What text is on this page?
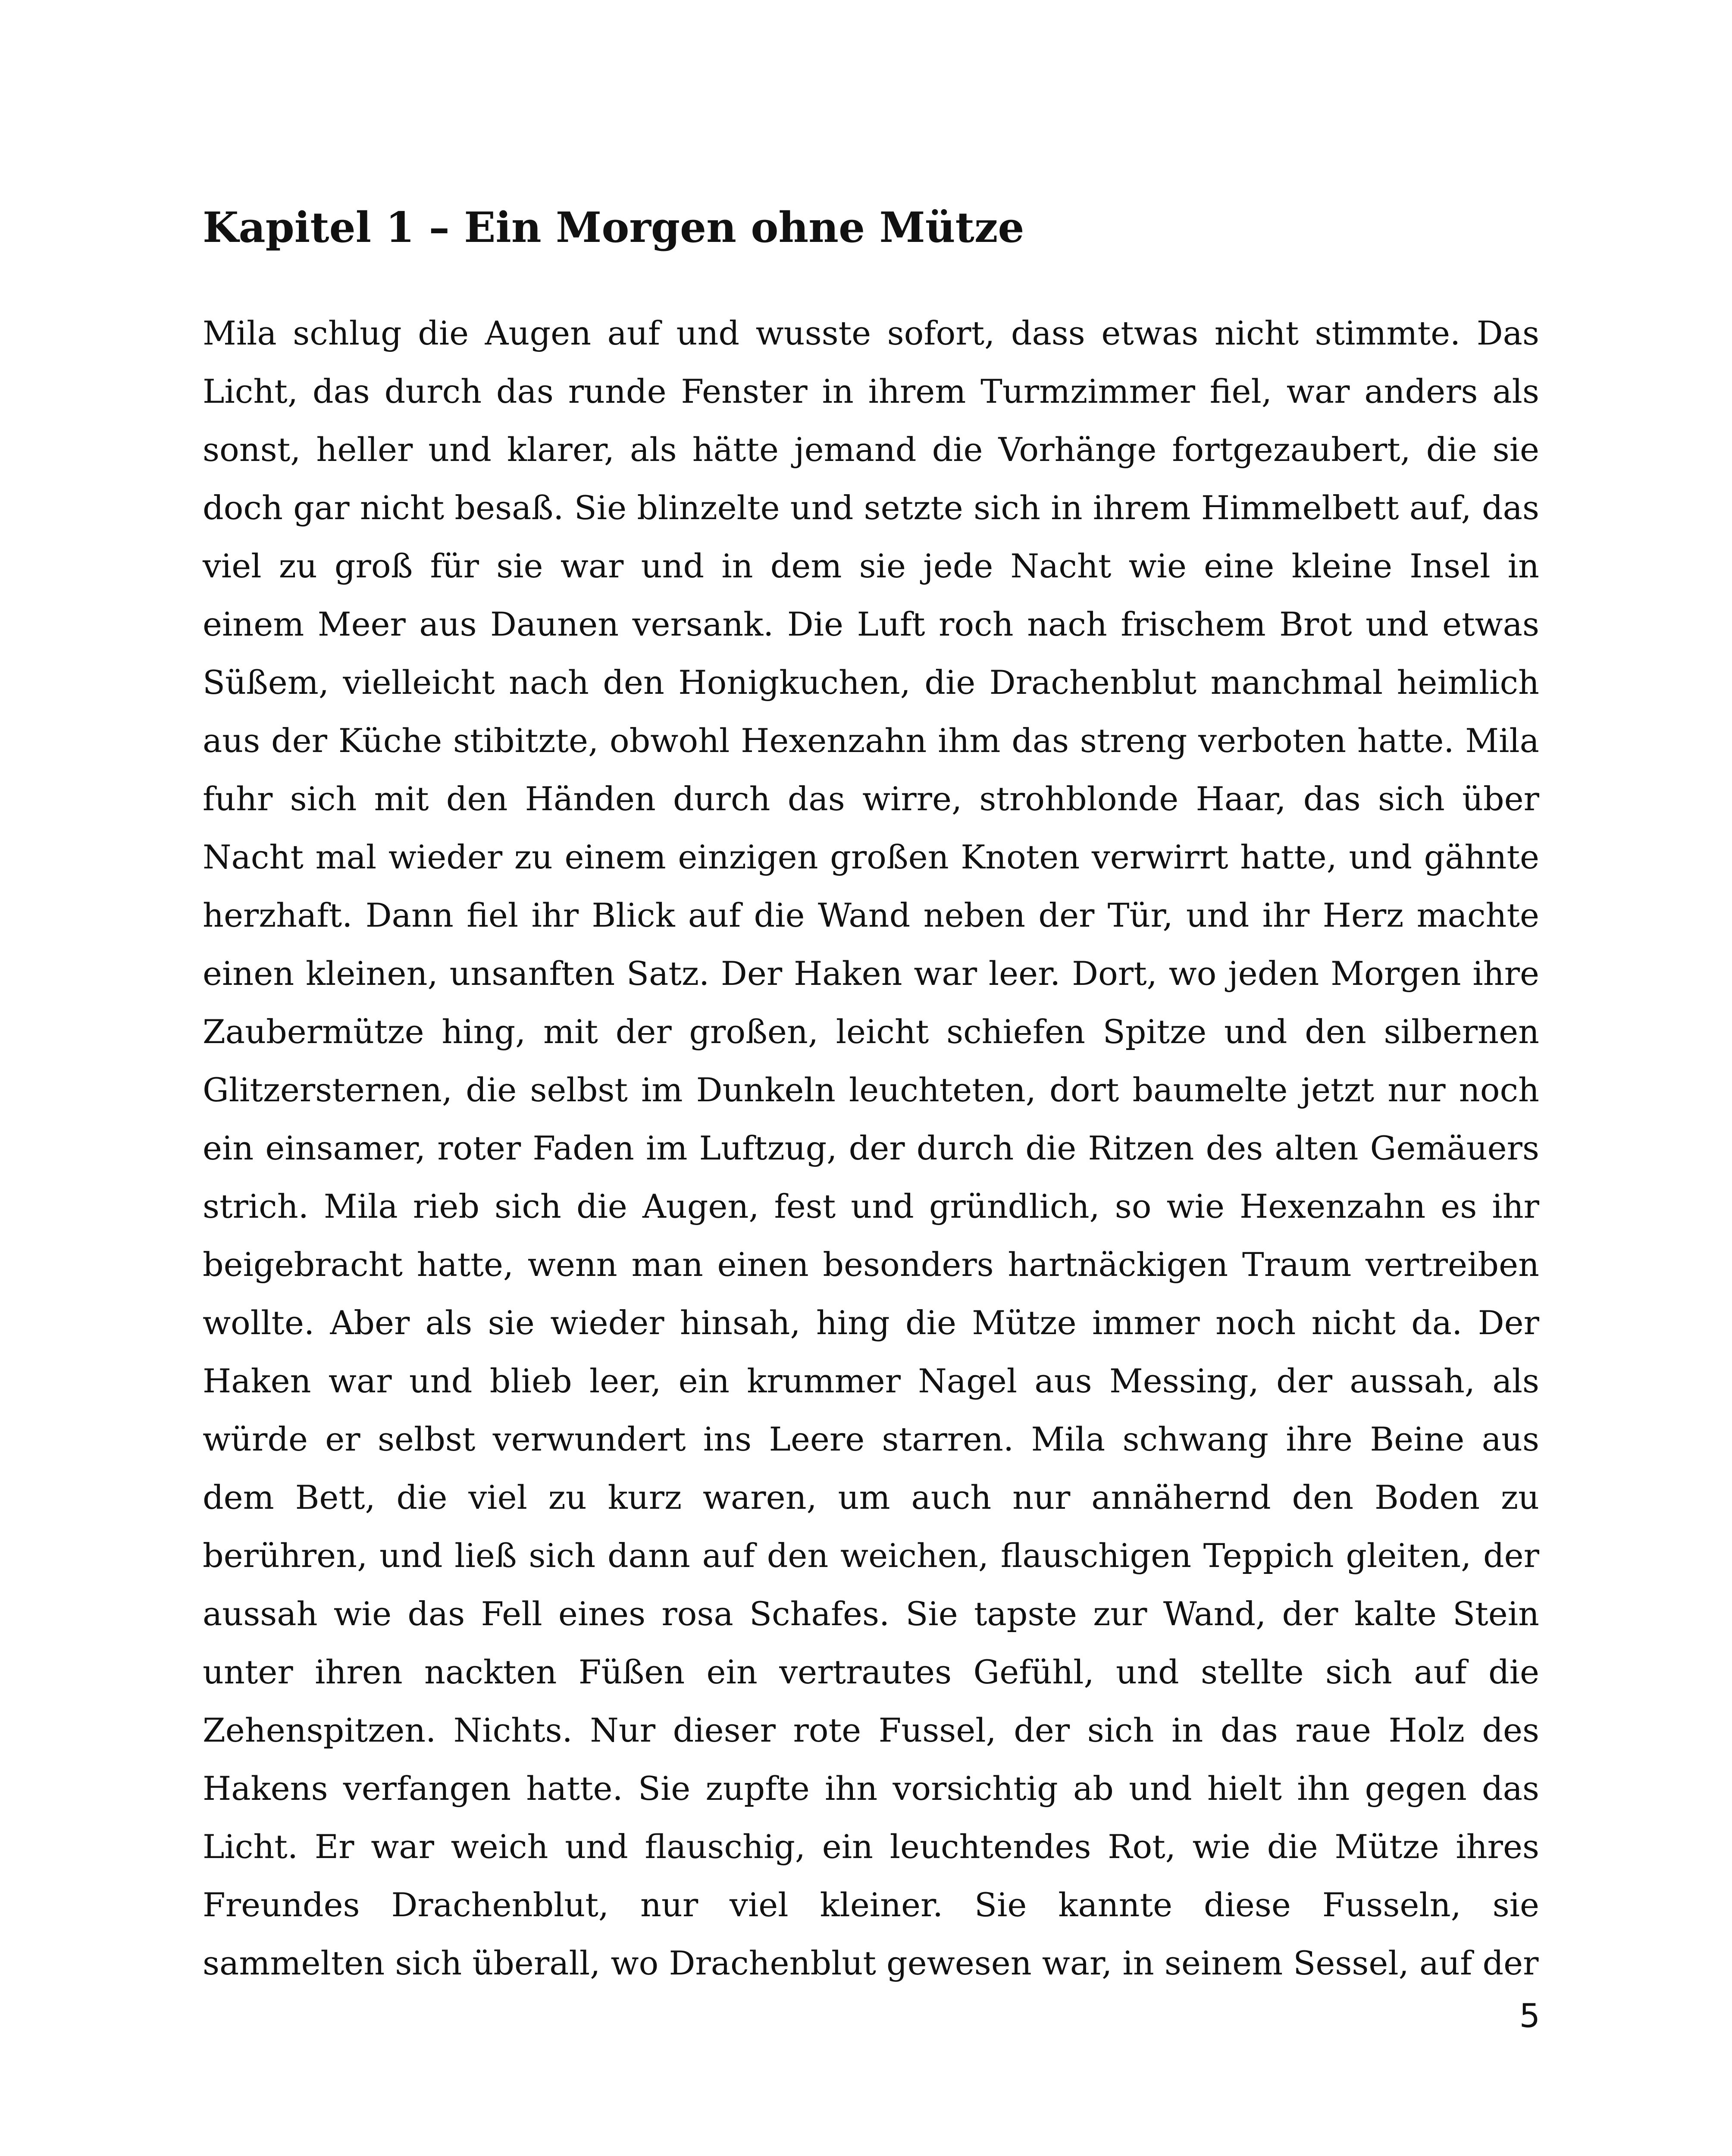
Kapitel 1 – Ein Morgen ohne Mütze

Mila schlug die Augen auf und wusste sofort, dass etwas nicht stimmte. Das Licht, das durch das runde Fenster in ihrem Turmzimmer fiel, war anders als sonst, heller und klarer, als hätte jemand die Vorhänge fortgezaubert, die sie doch gar nicht besaß. Sie blinzelte und setzte sich in ihrem Himmelbett auf, das viel zu groß für sie war und in dem sie jede Nacht wie eine kleine Insel in einem Meer aus Daunen versank. Die Luft roch nach frischem Brot und etwas Süßem, vielleicht nach den Honigkuchen, die Drachenblut manchmal heimlich aus der Küche stibitzte, obwohl Hexenzahn ihm das streng verboten hatte. Mila fuhr sich mit den Händen durch das wirre, strohblonde Haar, das sich über Nacht mal wieder zu einem einzigen großen Knoten verwirrt hatte, und gähnte herzhaft. Dann fiel ihr Blick auf die Wand neben der Tür, und ihr Herz machte einen kleinen, unsanften Satz. Der Haken war leer. Dort, wo jeden Morgen ihre Zaubermütze hing, mit der großen, leicht schiefen Spitze und den silbernen Glitzersternen, die selbst im Dunkeln leuchteten, dort baumelte jetzt nur noch ein einsamer, roter Faden im Luftzug, der durch die Ritzen des alten Gemäuers strich. Mila rieb sich die Augen, fest und gründlich, so wie Hexenzahn es ihr beigebracht hatte, wenn man einen besonders hartnäckigen Traum vertreiben wollte. Aber als sie wieder hinsah, hing die Mütze immer noch nicht da. Der Haken war und blieb leer, ein krummer Nagel aus Messing, der aussah, als würde er selbst verwundert ins Leere starren. Mila schwang ihre Beine aus dem Bett, die viel zu kurz waren, um auch nur annähernd den Boden zu berühren, und ließ sich dann auf den weichen, flauschigen Teppich gleiten, der aussah wie das Fell eines rosa Schafes. Sie tapste zur Wand, der kalte Stein unter ihren nackten Füßen ein vertrautes Gefühl, und stellte sich auf die Zehenspitzen. Nichts. Nur dieser rote Fussel, der sich in das raue Holz des Hakens verfangen hatte. Sie zupfte ihn vorsichtig ab und hielt ihn gegen das Licht. Er war weich und flauschig, ein leuchtendes Rot, wie die Mütze ihres Freundes Drachenblut, nur viel kleiner. Sie kannte diese Fusseln, sie sammelten sich überall, wo Drachenblut gewesen war, in seinem Sessel, auf der

5
